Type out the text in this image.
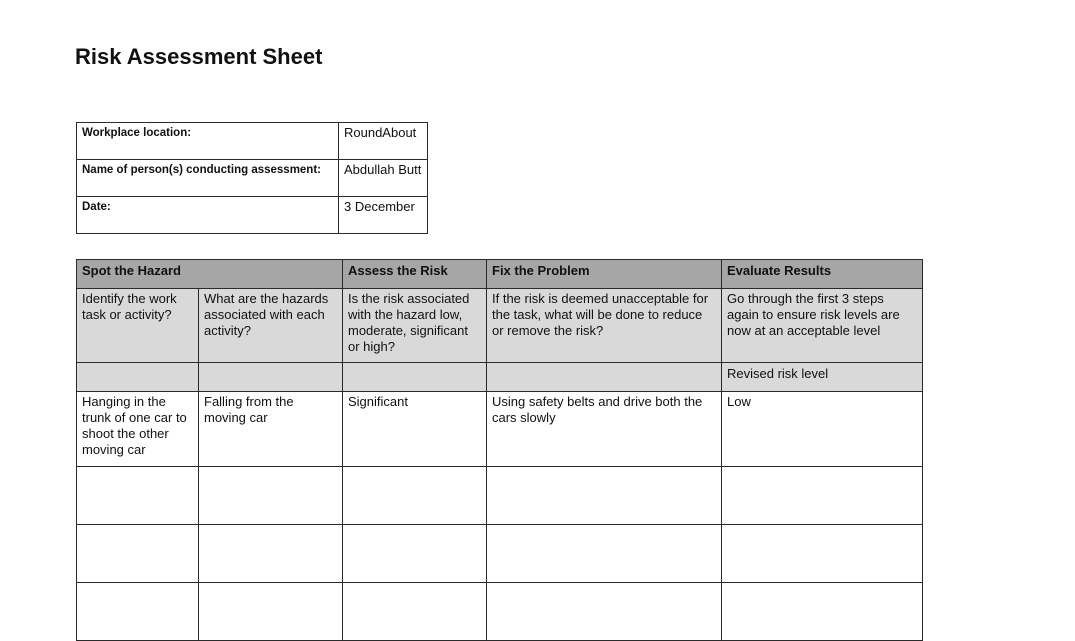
Risk Assessment Sheet
Workplace location:	RoundAbout
Name of person(s) conducting assessment:	Abdullah Butt
Date:	3 December
Spot the Hazard		Assess the Risk	Fix the Problem	Evaluate Results
Identify the work task or activity?	What are the hazards associated with each activity?	Is the risk associated with the hazard low, moderate, significant or high?	If the risk is deemed unacceptable for the task, what will be done to reduce or remove the risk?	Go through the first 3 steps again to ensure risk levels are now at an acceptable level
				Revised risk level
Hanging in the trunk of one car to shoot the other moving car	Falling from the moving car	Significant	Using safety belts and drive both the cars slowly	Low
